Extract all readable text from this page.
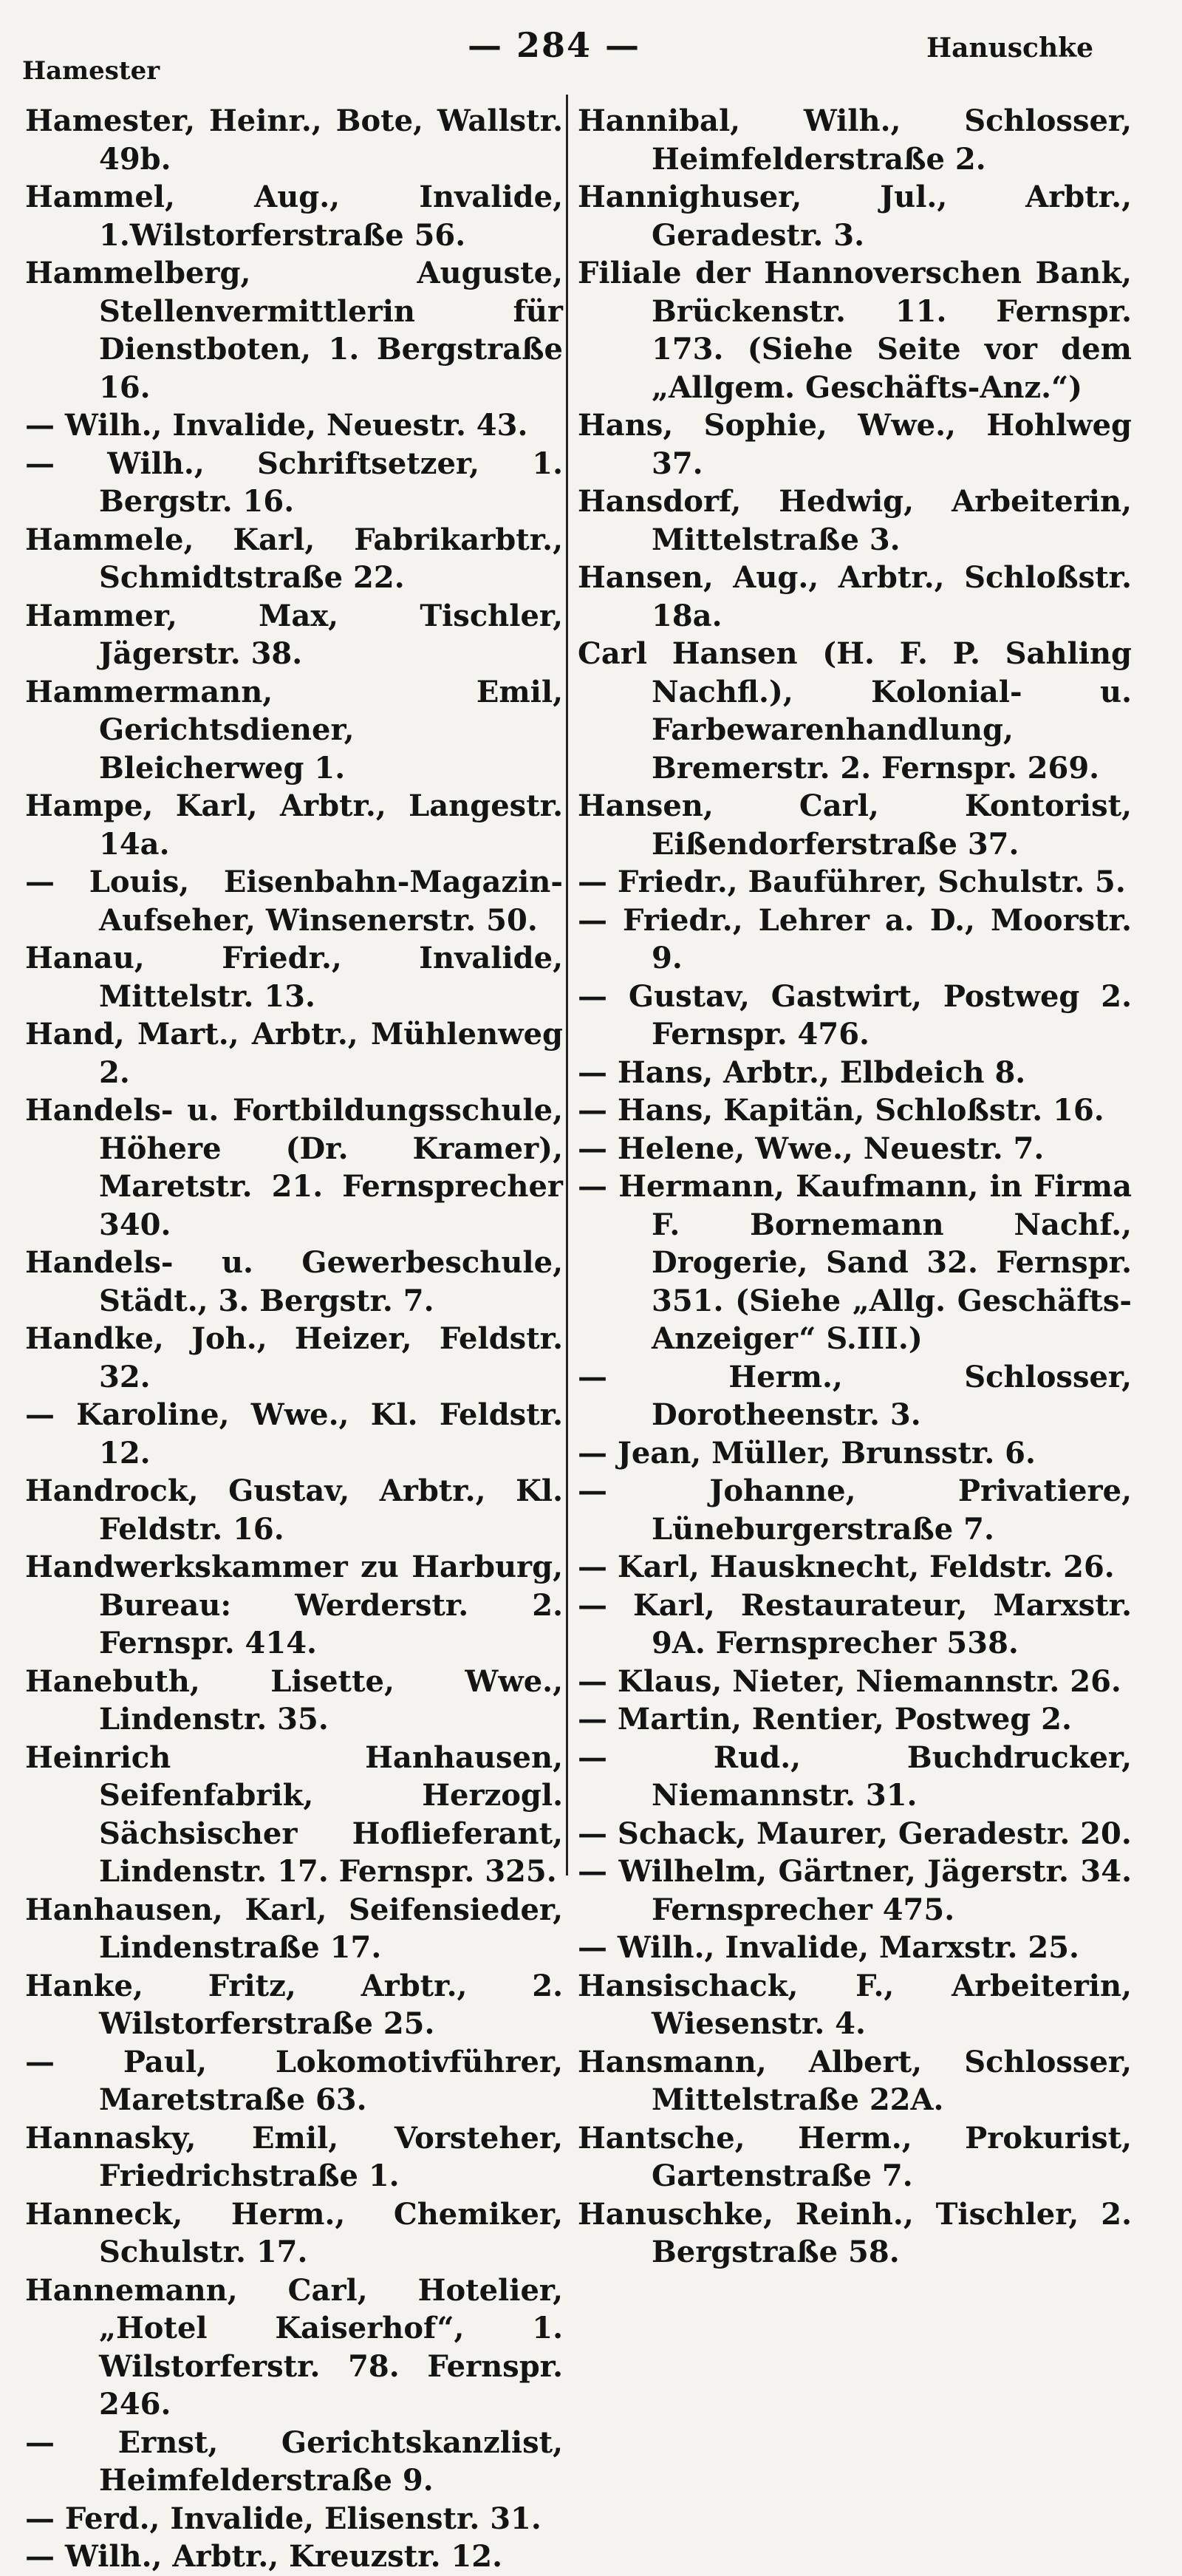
Hamester
— 284 —	Hanuschke
Hamester, Heinr., Bote, Wallstr. 49b.
Hammel, Aug., Invalide, 1.Wilstorferstraße 56.
Hammelberg, Auguste, Stellenvermittlerin für Dienstboten, 1. Bergstraße 16.
— Wilh., Invalide, Neuestr. 43.
— Wilh., Schriftsetzer, 1. Bergstr. 16.
Hammele, Karl, Fabrikarbtr., Schmidtstraße 22.
Hammer, Max, Tischler, Jägerstr. 38.
Hammermann, Emil, Gerichtsdiener, Bleicherweg 1.
Hampe, Karl, Arbtr., Langestr. 14a.
— Louis, Eisenbahn-Magazin-Aufseher, Winsenerstr. 50.
Hanau, Friedr., Invalide, Mittelstr. 13.
Hand, Mart., Arbtr., Mühlenweg 2.
Handels- u. Fortbildungsschule, Höhere (Dr. Kramer), Maretstr. 21. Fernsprecher 340.
Handels- u. Gewerbeschule, Städt., 3. Bergstr. 7.
Handke, Joh., Heizer, Feldstr. 32.
— Karoline, Wwe., Kl. Feldstr. 12.
Handrock, Gustav, Arbtr., Kl. Feldstr. 16.
Handwerkskammer zu Harburg, Bureau: Werderstr. 2. Fernspr. 414.
Hanebuth, Lisette, Wwe., Lindenstr. 35.
Heinrich Hanhausen, Seifenfabrik, Herzogl. Sächsischer Hoflieferant, Lindenstr. 17. Fernspr. 325.
Hanhausen, Karl, Seifensieder, Lindenstraße 17.
Hanke, Fritz, Arbtr., 2. Wilstorferstraße 25.
— Paul, Lokomotivführer, Maretstraße 63.
Hannasky, Emil, Vorsteher, Friedrichstraße 1.
Hanneck, Herm., Chemiker, Schulstr. 17.
Hannemann, Carl, Hotelier, „Hotel Kaiserhof“, 1. Wilstorferstr. 78. Fernspr. 246.
— Ernst, Gerichtskanzlist, Heimfelderstraße 9.
— Ferd., Invalide, Elisenstr. 31.
— Wilh., Arbtr., Kreuzstr. 12.
Hannibal, Wilh., Schlosser, Heimfelderstraße 2.
Hannighuser, Jul., Arbtr., Geradestr. 3.
Filiale der Hannoverschen Bank, Brückenstr. 11. Fernspr. 173. (Siehe Seite vor dem „Allgem. Geschäfts-Anz.“)
Hans, Sophie, Wwe., Hohlweg 37.
Hansdorf, Hedwig, Arbeiterin, Mittelstraße 3.
Hansen, Aug., Arbtr., Schloßstr. 18a.
Carl Hansen (H. F. P. Sahling Nachfl.), Kolonial- u. Farbewarenhandlung, Bremerstr. 2. Fernspr. 269.
Hansen, Carl, Kontorist, Eißendorferstraße 37.
— Friedr., Bauführer, Schulstr. 5.
— Friedr., Lehrer a. D., Moorstr. 9.
— Gustav, Gastwirt, Postweg 2. Fernspr. 476.
— Hans, Arbtr., Elbdeich 8.
— Hans, Kapitän, Schloßstr. 16.
— Helene, Wwe., Neuestr. 7.
— Hermann, Kaufmann, in Firma F. Bornemann Nachf., Drogerie, Sand 32. Fernspr. 351. (Siehe „Allg. Geschäfts-Anzeiger“ S.III.)
— Herm., Schlosser, Dorotheenstr. 3.
— Jean, Müller, Brunsstr. 6.
— Johanne, Privatiere, Lüneburgerstraße 7.
— Karl, Hausknecht, Feldstr. 26.
— Karl, Restaurateur, Marxstr. 9A. Fernsprecher 538.
— Klaus, Nieter, Niemannstr. 26.
— Martin, Rentier, Postweg 2.
— Rud., Buchdrucker, Niemannstr. 31.
— Schack, Maurer, Geradestr. 20.
— Wilhelm, Gärtner, Jägerstr. 34. Fernsprecher 475.
— Wilh., Invalide, Marxstr. 25.
Hansischack, F., Arbeiterin, Wiesenstr. 4.
Hansmann, Albert, Schlosser, Mittelstraße 22A.
Hantsche, Herm., Prokurist, Gartenstraße 7.
Hanuschke, Reinh., Tischler, 2. Bergstraße 58.
